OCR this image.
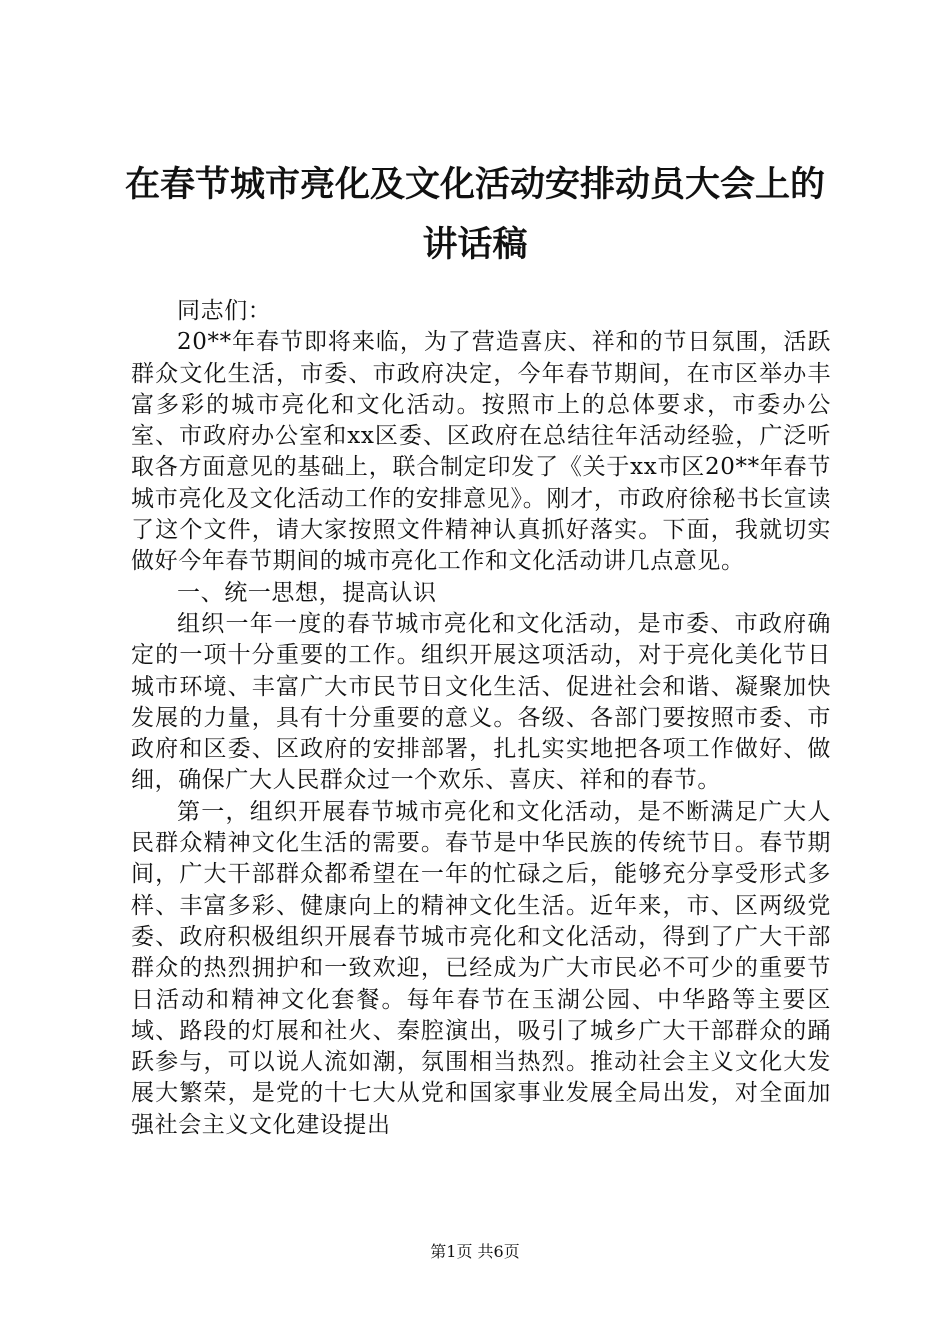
在春节城市亮化及文化活动安排动员大会上的
讲话稿

同志们：

20**年春节即将来临，为了营造喜庆、祥和的节日氛围，活跃群众文化生活，市委、市政府决定，今年春节期间，在市区举办丰富多彩的城市亮化和文化活动。按照市上的总体要求，市委办公室、市政府办公室和xx区委、区政府在总结往年活动经验，广泛听取各方面意见的基础上，联合制定印发了《关于xx市区20**年春节城市亮化及文化活动工作的安排意见》。刚才，市政府徐秘书长宣读了这个文件，请大家按照文件精神认真抓好落实。下面，我就切实做好今年春节期间的城市亮化工作和文化活动讲几点意见。

一、统一思想，提高认识

组织一年一度的春节城市亮化和文化活动，是市委、市政府确定的一项十分重要的工作。组织开展这项活动，对于亮化美化节日城市环境、丰富广大市民节日文化生活、促进社会和谐、凝聚加快发展的力量，具有十分重要的意义。各级、各部门要按照市委、市政府和区委、区政府的安排部署，扎扎实实地把各项工作做好、做细，确保广大人民群众过一个欢乐、喜庆、祥和的春节。

第一，组织开展春节城市亮化和文化活动，是不断满足广大人民群众精神文化生活的需要。春节是中华民族的传统节日。春节期间，广大干部群众都希望在一年的忙碌之后，能够充分享受形式多样、丰富多彩、健康向上的精神文化生活。近年来，市、区两级党委、政府积极组织开展春节城市亮化和文化活动，得到了广大干部群众的热烈拥护和一致欢迎，已经成为广大市民必不可少的重要节日活动和精神文化套餐。每年春节在玉湖公园、中华路等主要区域、路段的灯展和社火、秦腔演出，吸引了城乡广大干部群众的踊跃参与，可以说人流如潮，氛围相当热烈。推动社会主义文化大发展大繁荣，是党的十七大从党和国家事业发展全局出发，对全面加强社会主义文化建设提出

第1页 共6页
